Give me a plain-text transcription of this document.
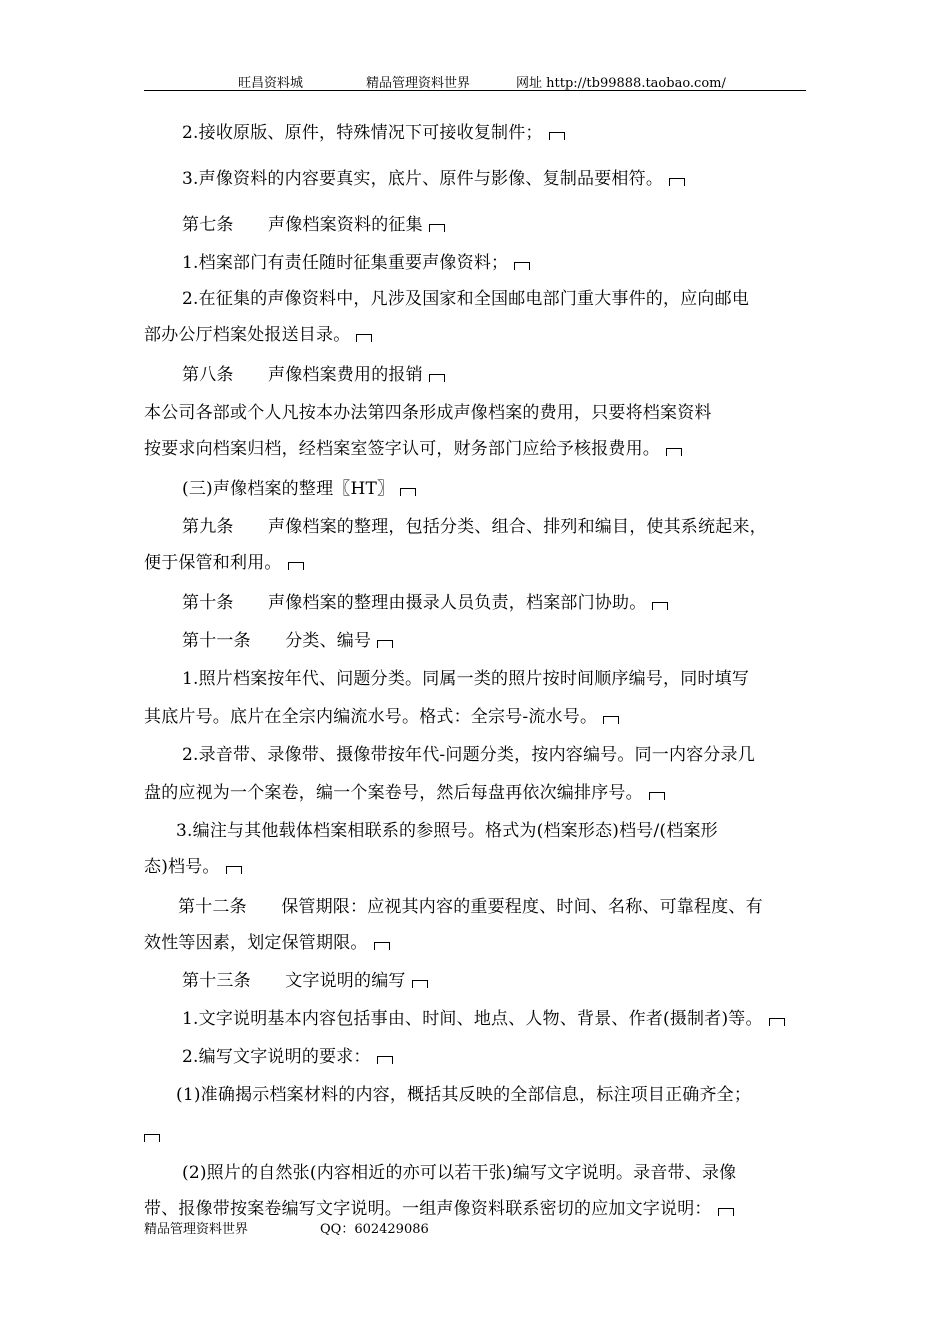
旺昌资料城	精品管理资料世界	网址 http://tb99888.taobao.com/
2.接收原版、原件，特殊情况下可接收复制件；
3.声像资料的内容要真实，底片、原件与影像、复制品要相符。
第七条　　声像档案资料的征集
1.档案部门有责任随时征集重要声像资料；
2.在征集的声像资料中，凡涉及国家和全国邮电部门重大事件的，应向邮电
部办公厅档案处报送目录。
第八条　　声像档案费用的报销
本公司各部或个人凡按本办法第四条形成声像档案的费用，只要将档案资料
按要求向档案归档，经档案室签字认可，财务部门应给予核报费用。
(三)声像档案的整理〖HT〗
第九条　　声像档案的整理，包括分类、组合、排列和编目，使其系统起来，
便于保管和利用。
第十条　　声像档案的整理由摄录人员负责，档案部门协助。
第十一条　　分类、编号
1.照片档案按年代、问题分类。同属一类的照片按时间顺序编号，同时填写
其底片号。底片在全宗内编流水号。格式：全宗号-流水号。
2.录音带、录像带、摄像带按年代-问题分类，按内容编号。同一内容分录几
盘的应视为一个案卷，编一个案卷号，然后每盘再依次编排序号。
3.编注与其他载体档案相联系的参照号。格式为(档案形态)档号/(档案形
态)档号。
第十二条　　保管期限：应视其内容的重要程度、时间、名称、可靠程度、有
效性等因素，划定保管期限。
第十三条　　文字说明的编写
1.文字说明基本内容包括事由、时间、地点、人物、背景、作者(摄制者)等。
2.编写文字说明的要求：
(1)准确揭示档案材料的内容，概括其反映的全部信息，标注项目正确齐全；
(2)照片的自然张(内容相近的亦可以若干张)编写文字说明。录音带、录像
带、报像带按案卷编写文字说明。一组声像资料联系密切的应加文字说明：
精品管理资料世界	QQ：602429086
